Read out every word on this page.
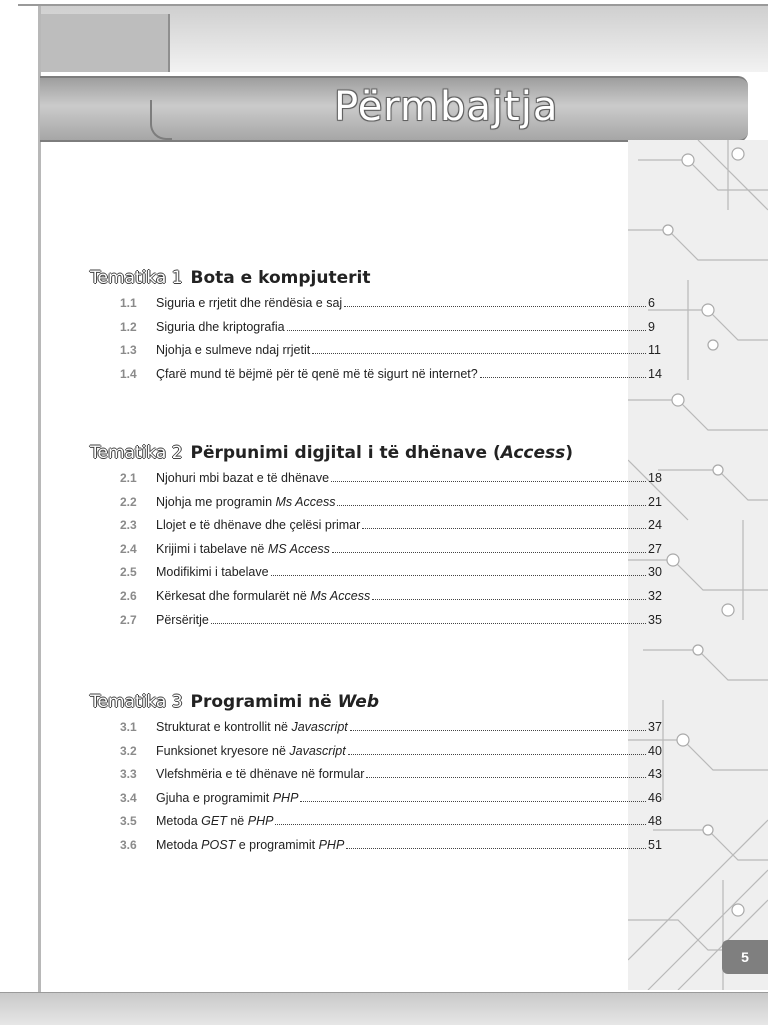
Përmbajtja
5
Tematika 1 Bota e kompjuterit
1.1	Siguria e rrjetit dhe rëndësia e saj	6
1.2	Siguria dhe kriptografia	9
1.3	Njohja e sulmeve ndaj rrjetit	11
1.4	Çfarë mund të bëjmë për të qenë më të sigurt në internet?	14
Tematika 2 Përpunimi digjital i të dhënave (Access)
2.1	Njohuri mbi bazat e të dhënave	18
2.2	Njohja me programin Ms Access	21
2.3	Llojet e të dhënave dhe çelësi primar	24
2.4	Krijimi i tabelave në MS Access	27
2.5	Modifikimi i tabelave	30
2.6	Kërkesat dhe formularët në Ms Access	32
2.7	Përsëritje	35
Tematika 3 Programimi në Web
3.1	Strukturat e kontrollit në Javascript	37
3.2	Funksionet kryesore në Javascript	40
3.3	Vlefshmëria e të dhënave në formular	43
3.4	Gjuha e programimit PHP	46
3.5	Metoda GET në PHP	48
3.6	Metoda POST e programimit PHP	51
